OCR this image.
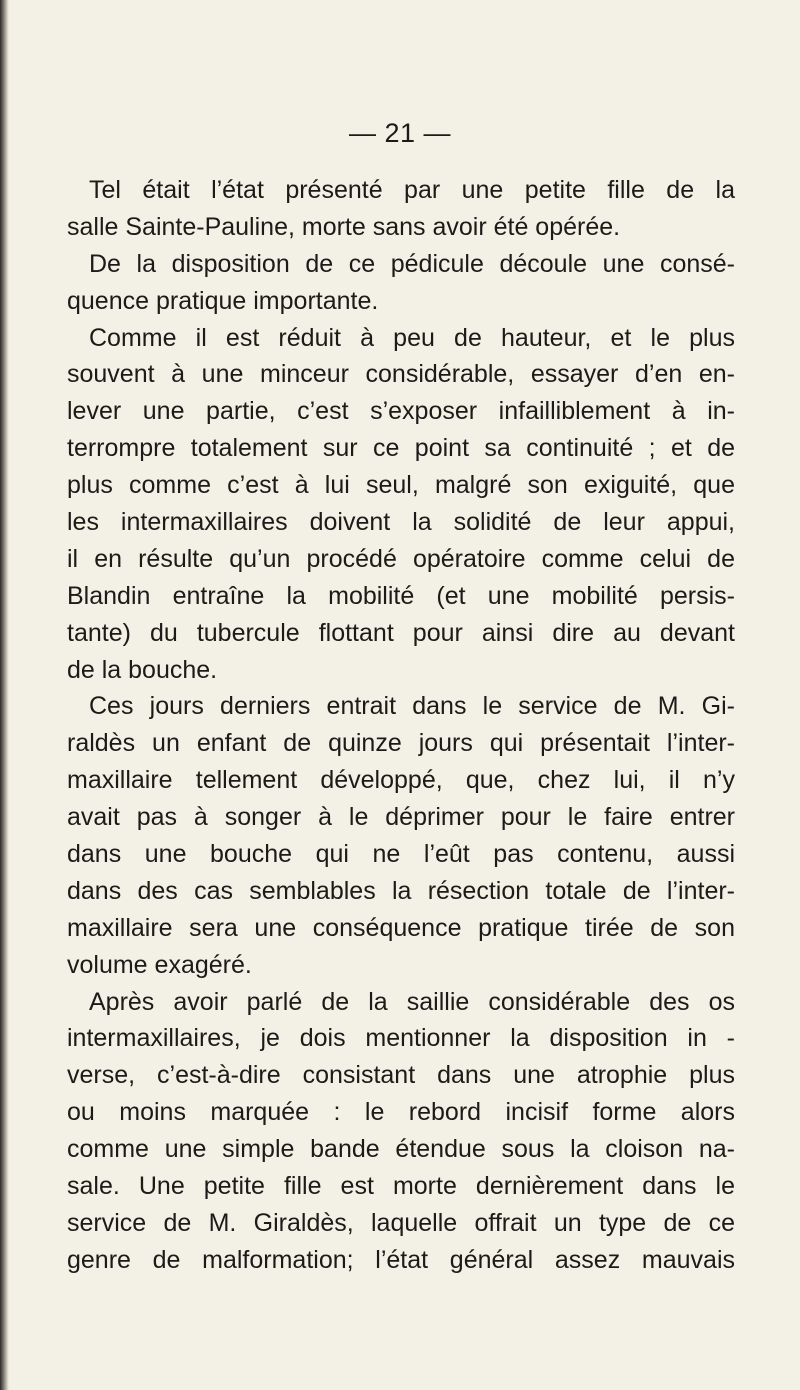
— 21 —
Tel était l’état présenté par une petite fille de la
salle Sainte-Pauline, morte sans avoir été opérée.
De la disposition de ce pédicule découle une consé-
quence pratique importante.
Comme il est réduit à peu de hauteur, et le plus
souvent à une minceur considérable, essayer d’en en-
lever une partie, c’est s’exposer infailliblement à in-
terrompre totalement sur ce point sa continuité ; et de
plus comme c’est à lui seul, malgré son exiguité, que
les intermaxillaires doivent la solidité de leur appui,
il en résulte qu’un procédé opératoire comme celui de
Blandin entraîne la mobilité (et une mobilité persis-
tante) du tubercule flottant pour ainsi dire au devant
de la bouche.
Ces jours derniers entrait dans le service de M. Gi-
raldès un enfant de quinze jours qui présentait l’inter-
maxillaire tellement développé, que, chez lui, il n’y
avait pas à songer à le déprimer pour le faire entrer
dans une bouche qui ne l’eût pas contenu, aussi
dans des cas semblables la résection totale de l’inter-
maxillaire sera une conséquence pratique tirée de son
volume exagéré.
Après avoir parlé de la saillie considérable des os
intermaxillaires, je dois mentionner la disposition in -
verse, c’est-à-dire consistant dans une atrophie plus
ou moins marquée : le rebord incisif forme alors
comme une simple bande étendue sous la cloison na-
sale. Une petite fille est morte dernièrement dans le
service de M. Giraldès, laquelle offrait un type de ce
genre de malformation; l’état général assez mauvais
